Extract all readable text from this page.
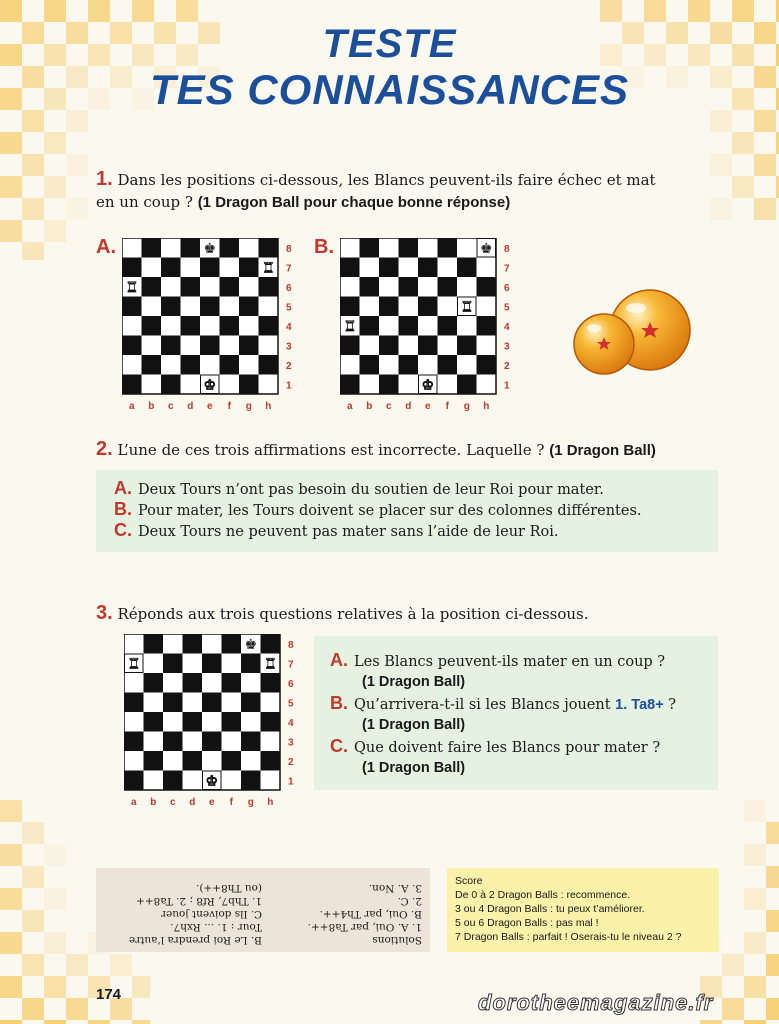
TESTE
TES CONNAISSANCES
1. Dans les positions ci-dessous, les Blancs peuvent-ils faire échec et mat
en un coup ? (1 Dragon Ball pour chaque bonne réponse)
A.	8
7
6
5
4
3
2
1
a b c d e f g h
♚
♜
♜
♚
B.	8
7
6
5
4
3
2
1
a b c d e f g h
♚
♜
♜
♚
2. L’une de ces trois affirmations est incorrecte. Laquelle ? (1 Dragon Ball)
A. Deux Tours n’ont pas besoin du soutien de leur Roi pour mater.
B. Pour mater, les Tours doivent se placer sur des colonnes différentes.
C. Deux Tours ne peuvent pas mater sans l’aide de leur Roi.
3. Réponds aux trois questions relatives à la position ci-dessous.
8
7
6
5
4
3
2
1
a b c d e f g h
♚
♜	♜
♚
A. Les Blancs peuvent-ils mater en un coup ?
(1 Dragon Ball)
B. Qu’arrivera-t-il si les Blancs jouent 1. Ta8+ ?
(1 Dragon Ball)
C. Que doivent faire les Blancs pour mater ?
(1 Dragon Ball)
Solutions
1. A. Oui, par Ta8++.
B. Oui, par Th4++.
2. C.
3. A. Non.
B. Le Roi prendra l’autre
Tour : 1. ... Rxh7.
C. Ils doivent jouer
1. Thb7, Rf8 ; 2. Ta8++
(ou Th8++).
Score
De 0 à 2 Dragon Balls : recommence.
3 ou 4 Dragon Balls : tu peux t’améliorer.
5 ou 6 Dragon Balls : pas mal !
7 Dragon Balls : parfait ! Oserais-tu le niveau 2 ?
174	dorotheemagazine.fr
